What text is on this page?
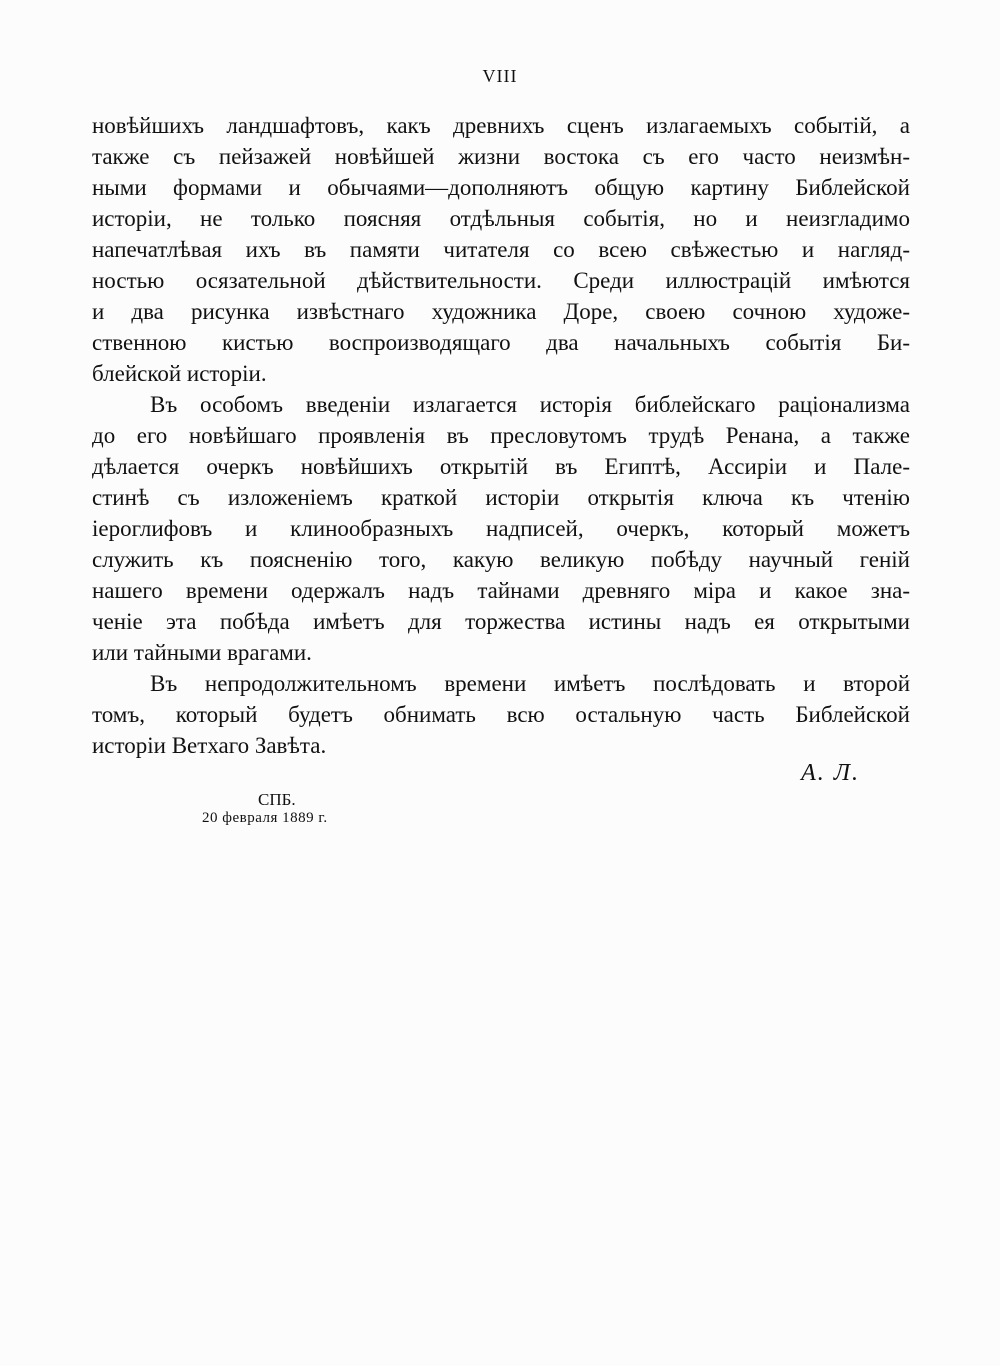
VIII
новѣйшихъ ландшафтовъ, какъ древнихъ сценъ излагаемыхъ событій, а
также съ пейзажей новѣйшей жизни востока съ его часто неизмѣн-
ными формами и обычаями—дополняютъ общую картину Библейской
исторіи, не только поясняя отдѣльныя событія, но и неизгладимо
напечатлѣвая ихъ въ памяти читателя со всею свѣжестью и нагляд-
ностью осязательной дѣйствительности. Среди иллюстрацій имѣются
и два рисунка извѣстнаго художника Доре, своею сочною художе-
ственною кистью воспроизводящаго два начальныхъ событія Би-
блейской исторіи.
Въ особомъ введеніи излагается исторія библейскаго раціонализма
до его новѣйшаго проявленія въ пресловутомъ трудѣ Ренана, а также
дѣлается очеркъ новѣйшихъ открытій въ Египтѣ, Ассиріи и Пале-
стинѣ съ изложеніемъ краткой исторіи открытія ключа къ чтенію
іероглифовъ и клинообразныхъ надписей, очеркъ, который можетъ
служить къ поясненію того, какую великую побѣду научный геній
нашего времени одержалъ надъ тайнами древняго міра и какое зна-
ченіе эта побѣда имѣетъ для торжества истины надъ ея открытыми
или тайными врагами.
Въ непродолжительномъ времени имѣетъ послѣдовать и второй
томъ, который будетъ обнимать всю остальную часть Библейской
исторіи Ветхаго Завѣта.
А. Л.
СПБ.
20 февраля 1889 г.
